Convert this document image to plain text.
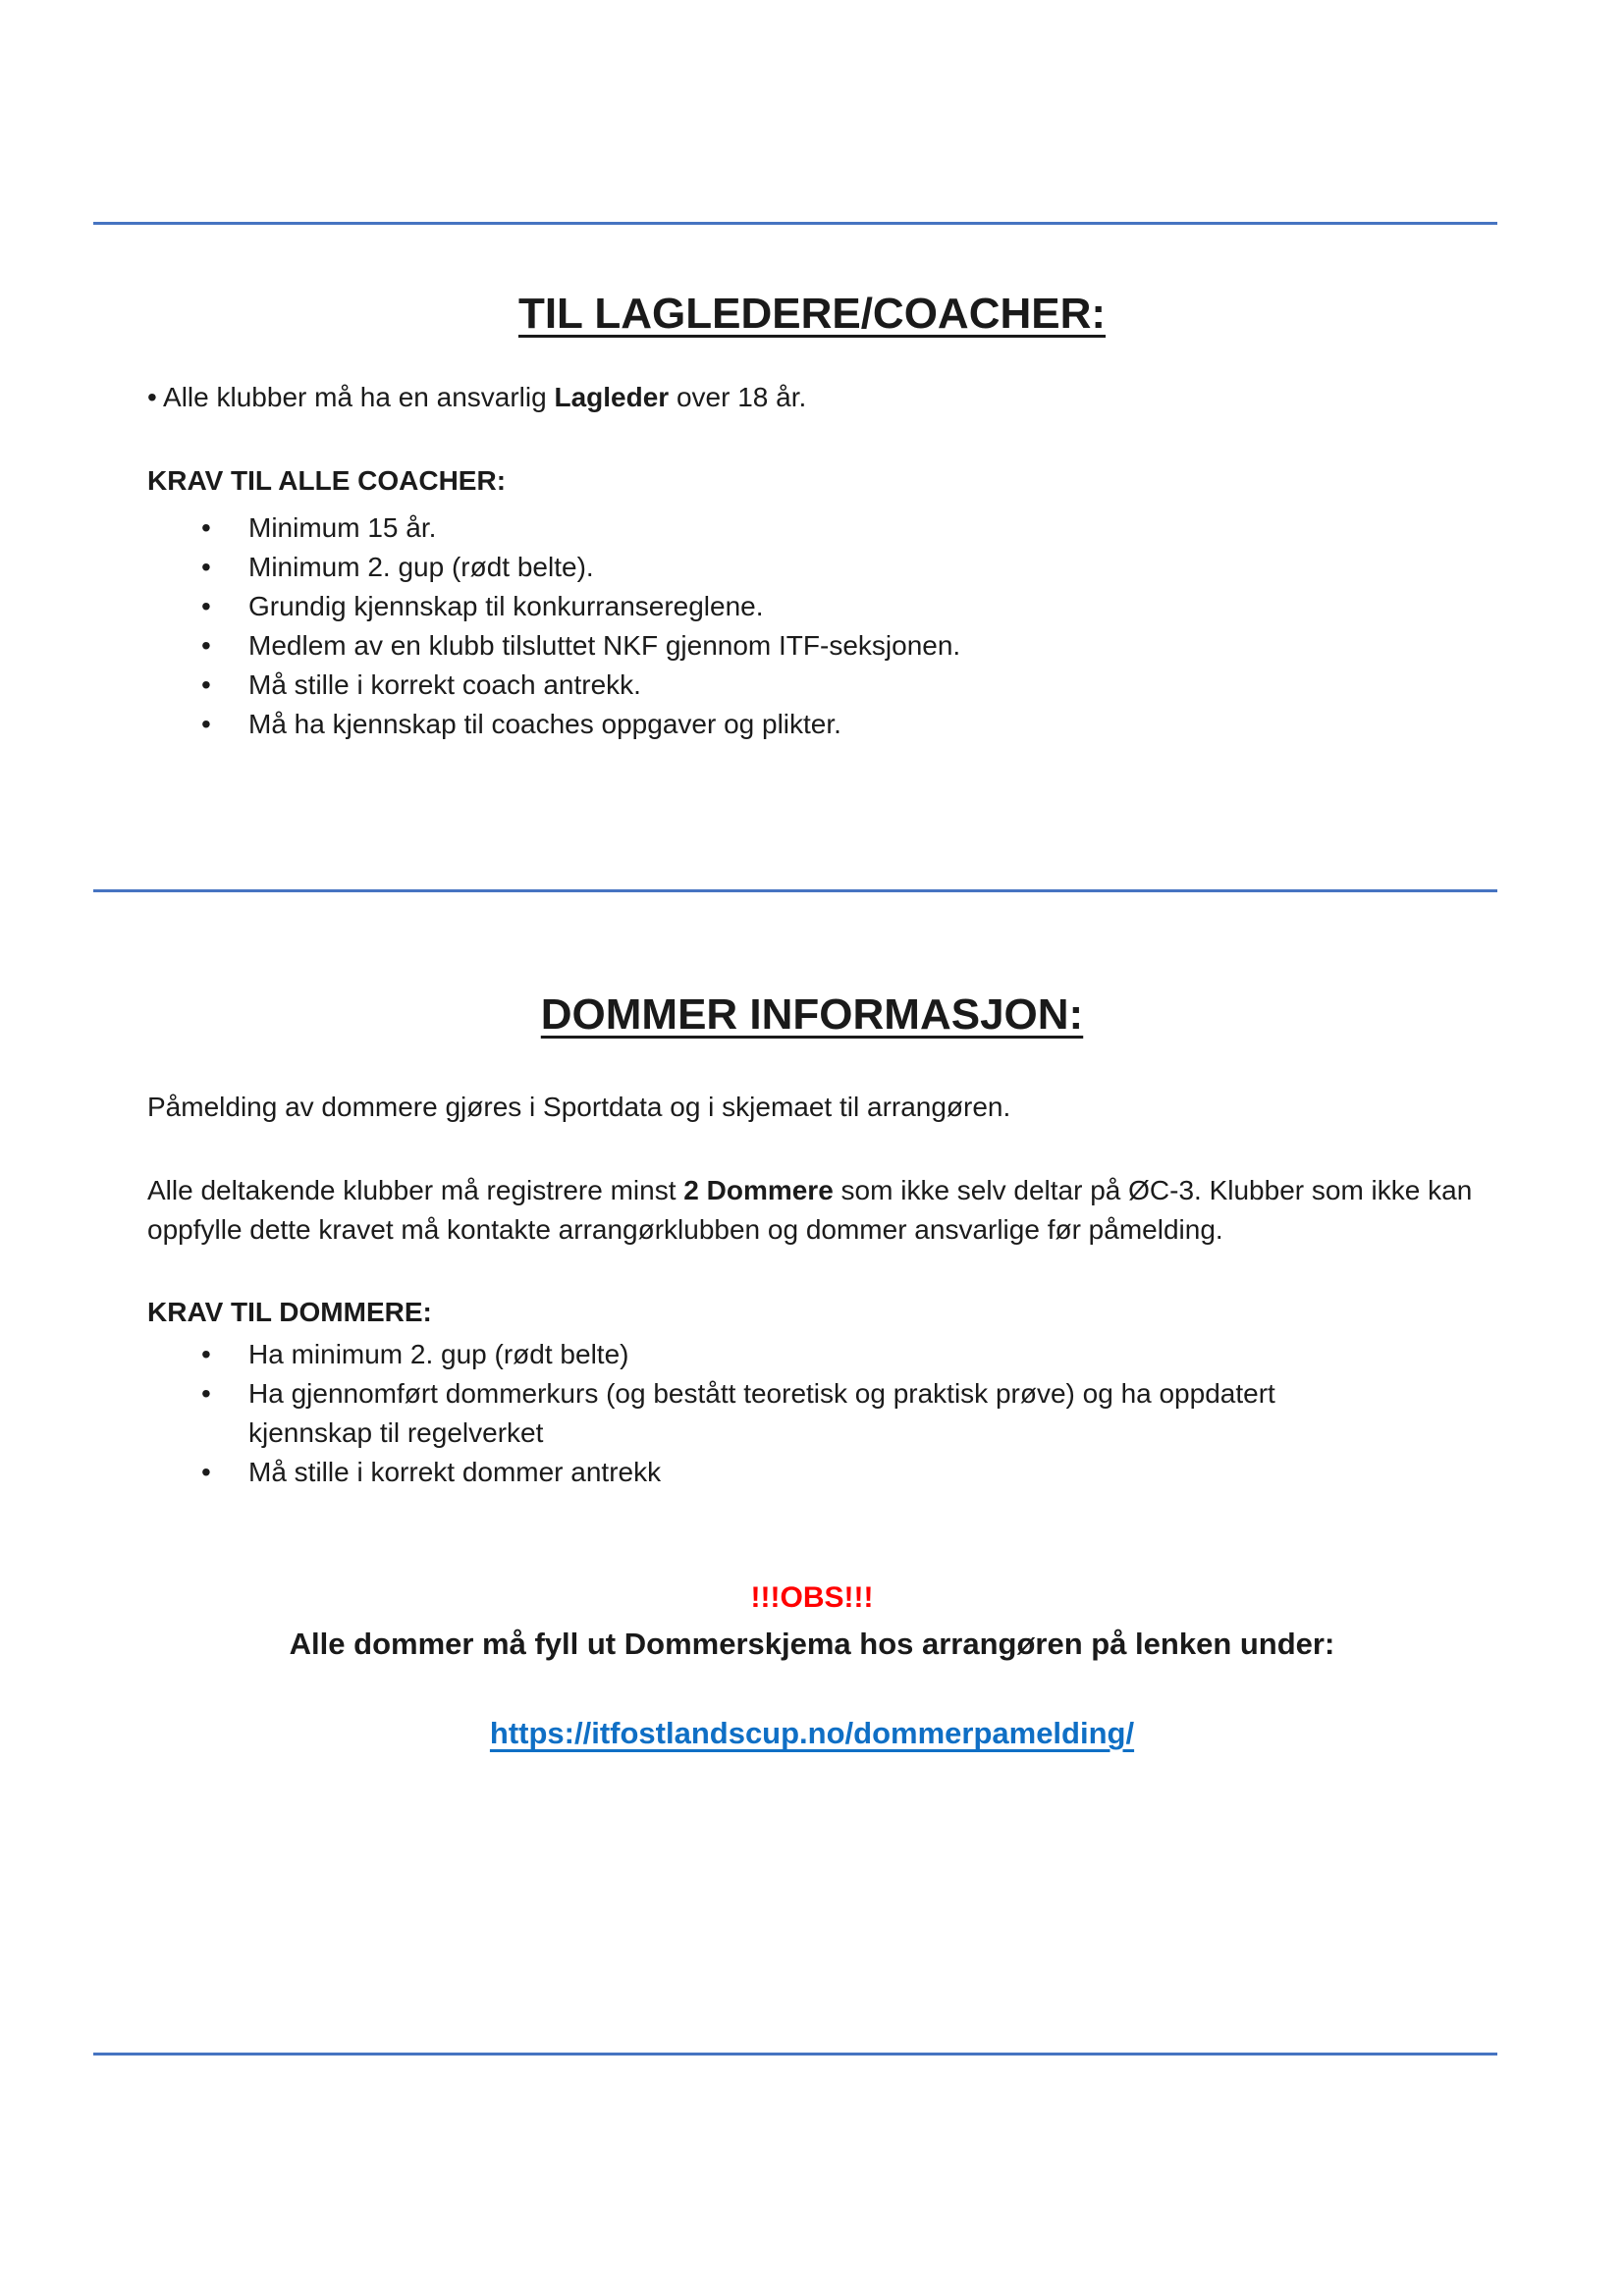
TIL LAGLEDERE/COACHER:

• Alle klubber må ha en ansvarlig Lagleder over 18 år.

KRAV TIL ALLE COACHER:

• Minimum 15 år.
• Minimum 2. gup (rødt belte).
• Grundig kjennskap til konkurransereglene.
• Medlem av en klubb tilsluttet NKF gjennom ITF-seksjonen.
• Må stille i korrekt coach antrekk.
• Må ha kjennskap til coaches oppgaver og plikter.
DOMMER INFORMASJON:

Påmelding av dommere gjøres i Sportdata og i skjemaet til arrangøren.

Alle deltakende klubber må registrere minst 2 Dommere som ikke selv deltar på ØC-3. Klubber som ikke kan oppfylle dette kravet må kontakte arrangørklubben og dommer ansvarlige før påmelding.

KRAV TIL DOMMERE:

• Ha minimum 2. gup (rødt belte)
• Ha gjennomført dommerkurs (og bestått teoretisk og praktisk prøve) og ha oppdatert kjennskap til regelverket
• Må stille i korrekt dommer antrekk
!!!OBS!!!
Alle dommer må fyll ut Dommerskjema hos arrangøren på lenken under:
https://itfostlandscup.no/dommerpamelding/
